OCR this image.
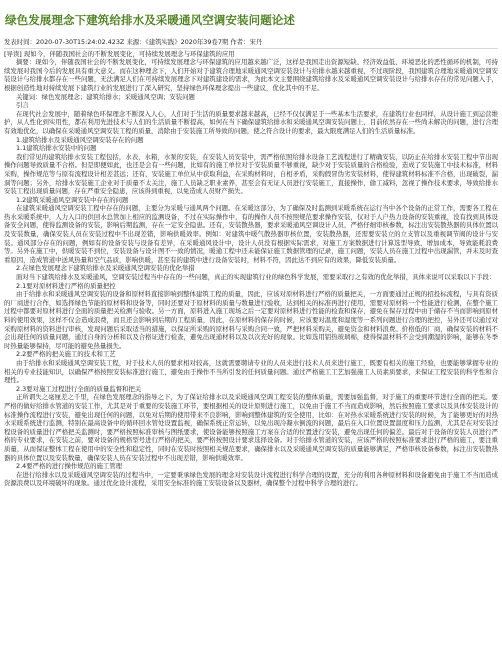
绿色发展理念下建筑给排水及采暖通风空调安装问题论述
发表时间：2020-07-30T15:24:02.423Z 来源：《建筑实践》2020年39卷7期 作者：宋丹
[导读] 现如今，伴随我国社会的不断发展变化，可持续发展理念与环保建筑的应用

摘要：现如今，伴随我国社会的不断发展变化，可持续发展理念与环保建筑的应用越来越广泛，这样是我国走出资源短缺、经济效益低、环境恶化的恶性循环的机制，可持续发展对我国今后的发展具有重大意义。而在这种理念下，人们开始对于建筑合理地采暖通风空调安装设计与给排水越来越重视，不过现阶段，我国建筑合理地采暖通风空调安装设计与给排水都存在一些问题，无法满足人们在可持续发展理念下对建筑建设的需求，为此本文主要围绕建筑给排水及采暖通风空调安装设计与给排水存在的常见问题入手，根据创造性地对持续发展下建筑行业的发展进行了深入研究，坚持绿色环保理念提出一些建议，优化其中的不足。

关键词：绿色发展理念；建筑给排水；采暖通风空调；安装问题

引言

在现代社会发展中，随着绿色环保理念不断深入人心，人们对于生活的质量要求越来越高，已经不仅仅满足于一些基本生活要求，在建筑行业也同样，从设计施工到运营维护，从人性化到实用性，都在利用先进技术与人们的生活质量不断提高，如何在当下确保建筑给排水和采暖通风空调安装问题上，目前依然存在一些尚未解决的问题，进行合理有效地优化，以确保在采暖通风空调安装工程的质量，消除由于安装施工所导致的问题，使之符合设计的要求，最大限度满足人们的生活质量标准。

1.建筑给排水及采暖通风空调安装存在的问题

1.1建筑给排水安装中的问题

我们常见的建筑给排水安装工程包括，水表，水箱，水泵的安装，在安装人员安装中，需严格依照给排水设备工艺流程进行了精确安装，以防止在给排水安装工程中节出现操作问题导致质量不合格。但是即便如此，也还是会有一些问题，比如有的施工单位对于安装质量不够重视，缺少对于安装质量的合格检验，造成了安装施工中技术标准，材料采购，操作规范等与原有流程设计相差甚远；还有，安装施工单位从中获取利益，在采购材料时，自相矛盾，采购假冒伪劣安装材料，使得建筑材料标准不合格，出现破裂，漏洞等问题；另外，给排水安装施工企业对于质量不太关注，施工人员缺乏职业素养，甚至会有无证人员进行安装施工，直接操作，偷工减料，忽视了操作技术要求，导致给排水安装工程出现质量问题，存在严重安全隐患，应该得到重视，以免造成人员财产损失。

1.2建筑采暖通风空调安装中存在的问题

在建筑采暖通风空调安装工程中存在的问题，主要分为采暖与通风两个问题。在采暖这部分，为了确保及时监测到采暖系统在运行当中各个设备的正常工作，需要各工程在热水采暖系统中，人力入口的供回水总管加上相应的监测设备，不过在实际操作中，有的操作人员不按照规范要求操作安装，仅对于人户热力设备的安装重视，没有找到具体设备安全问题，使得监测设备的安装，影响后期监测，存在一定安全隐患。还有，安装散热器，要求采暖通风空调设计人员，严格仔细审核参数，标注出安装散热器的具体位置以及安装数量，确保安装人员在安装过程中不出现差错，影响供暖效率。例如：对建筑中暖气散热器审核位置，安装散热器，还需要安装立的立支管以及重视调节阀的设计与安装。通风部分存在的问题，例如有的设备安装与设备有差异，在采暖通风设计中，设计人员没有根据实际需求，对施工方案数据进行计算选型导致，增加成本，导致能耗浪费等。另外在施工中，供暖安装不到位，安装设备与设计图不一致的情况，暖通工程中还未能保证施工数据管理的记录，施工问题，安装人员在施工过程中出现漏管，并未及时查看原因，造成管道中送风热量和空气品质，影响供暖，甚至有的建筑中进行设备安装时，材料不符，因此达不到应有的效果，降低安装质量。

2.在绿色发展理念下建筑给排水及采暖通风空调安装的优化举措

面对当下建筑给排水及采暖通风，空调安装过程当中存在的一些问题，真正的实现建筑行业的绿色科学发展，需要采取行之有效的优化举措，具体来说可以采取以下手段：

2.1要对原材料进行严格的质量把控

由于给排水和采暖通风空调安装的设备和原材料直接影响到整体建筑工程的质量，因此，应该对原材料进行严格的质量把关，一方面要通过正规的招投标流程，与具有资质的厂商进行合作，如选择绿色节能的原材料和设备等，同时还要对于原材料的质量与数量进行验收，达到相关的标准再进行使用，需要对原材料一个性能进行检测，在整个施工过程中都要对原材料进行全面的质量把关检测与验收。另一方面，原料进入施工现场之后一定要对原材料进行性能的检查和保存，避免在保存过程中由于储存不当而影响到原材料的使用效果，这样不仅会造成浪费，而且还会影响到后期的工程质量，因此，在原材料的保存的时候，应该要对温度和湿度等一系列问题进行合理的把控，另外还可以通过对采购原材料的资料进行审核，发现问题后采取适当的措施，以保证所采购的原材料与采购合同一致，严把材料采购关，避免资金和材料浪费。价格低的厂商，确保安装的材料不会出现任何的质量问题，通过自身的分析和以及合格证进行检查，避免出现通材料以及以次充好的现象。比如选用铝热玻璃棉，使得保温材料不会受到潮湿的影响，能够在冬季时热量能够保持，尽可能的避免热量损失。

2.2要严格的把关施工的技术和工艺

由于给排水和采暖通风空调安装工程，对于技术人员的要求相对较高，这就需要聘请专业的人员来进行技术人员来进行施工，既要有相关的施工经验，也要能够掌握专业的相关的专业技能知识，以确保严格按照安装标准进行施工，避免由于操作不当所引发的任何质量问题。通过严格施工工艺加强施工人员素质要求，来保证工程安装的科学性和合理性。

2.3要对施工过程进行全面的质量监督和把关

正所谓失之毫厘差之千里，在绿色发展理念的指导之下，为了保证给排水以及采暖通风空调工程安装的整体质量，需要加强监督，对于施工的重要环节进行全面的把关。要严格的做好给排水管道的安装工作，尤其是对于重要的安装施工环节，要根据相关的设计原则进行施工，以免由于施工不当而造成影响，然后按照施工要求以及具体安装设计的标准操作流程进行安装，避免出现任何的问题，以免对后期的使用带来不良影响，影响到整体建筑的安全使用，比如：在对热水采暖系统进行安装的时候，为了能够更好的对热水采暖系统进行监测，特别在最高设备中的循环回水管处设置监视，确保系统正常运转，以免出现冷凝水倒流的问题，最后在入口位置设置温度和压力监测，尤其是在对安装过程设备的质量进行严格把关监测时，要严格按照标准审核与图纸要求，使设备能够按照施工方案在合适的位置进行安装，避免出现任何的偏差。最后对于设备的安装人员进行严格的专业要求，在安装之前，要对设备的规格型号进行严格的把关，要严格按照设计要求选择设备。对于给排水管道的安装，应该严格的按照标准要求进行严格的施工，要注重质量，从而保证整体工程在使用中的安全性和稳定性，同时在安装时按照相关规范要求，确保排水以及采暖通风空调安装的质量能够满足，严格审核设备参数，标注出安装散热器的具体位置以及安装数量，确保安装人员在安装过程中不出现差错，影响供暖效率。

2.4要严格的进行操作规范的施工管理

在进行给排水以及采暖通风空调安装的过程当中，一定要秉承绿色发展的理念对安装设计流程进行科学合理的设置，充分的利用各种原材料和设备避免由于施工不当而造成资源浪费以及环境破坏的现象。通过优化设计流程，采用安全标准的施工安装设备以及器材，确保整个过程中科学合理的进行。
